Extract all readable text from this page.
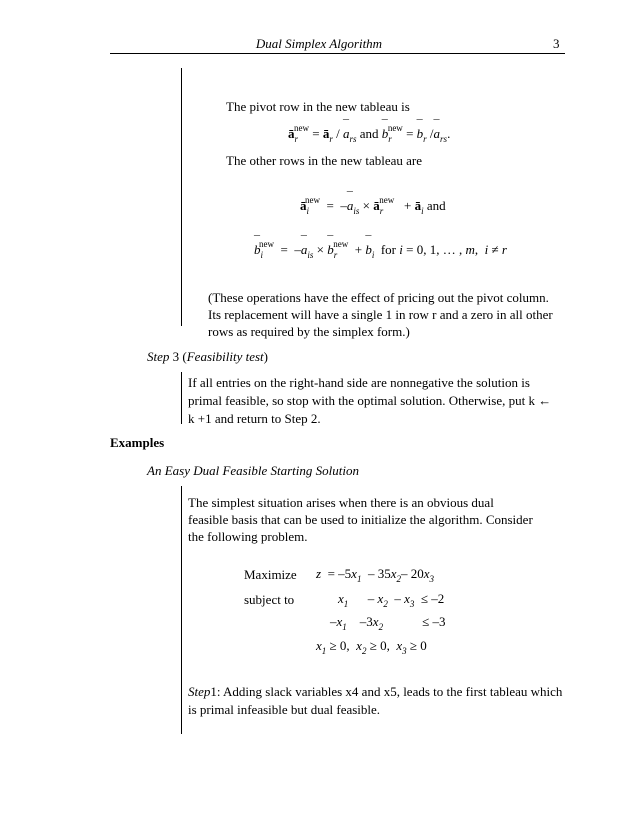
Dual Simplex Algorithm	3
The pivot row in the new tableau is
$ā_r^{new}$ = $ā_r$ / ¯ $a_{rs}$ and ¯ $b_r^{new}$ = ¯ $b_r$ /¯ $a_{rs}$.
The other rows in the new tableau are
$ā_i^{new}$  =  –¯ $a_{is}$ × $ā_r^{new}$   + $ā_i$ and
¯ $b_i^{new}$  =  –¯ $a_{is}$ × ¯ $b_r^{new}$  + ¯ $b_i$  for i = 0, 1, … , m,  i ≠ r
(These operations have the effect of pricing out the pivot column. Its replacement will have a single 1 in row r and a zero in all other rows as required by the simplex form.)
Step 3 (Feasibility test)
If all entries on the right-hand side are nonnegative the solution is primal feasible, so stop with the optimal solution. Otherwise, put k ← k +1 and return to Step 2.
Examples
An Easy Dual Feasible Starting Solution
The simplest situation arises when there is an obvious dual feasible basis that can be used to initialize the algorithm. Consider the following problem.
Maximize $z = -5x_1 - 35x_2-$ $20x_3$
subject to	$x_1$      – $x_2 - x_3 \le -2$
$-x_1$    $-3x_2$            ≤ –3
$x_1 \ge 0$,  $x_2 \ge 0$,  $x_3 \ge 0$
Step1: Adding slack variables x4 and x5, leads to the first tableau which is primal infeasible but dual feasible.
